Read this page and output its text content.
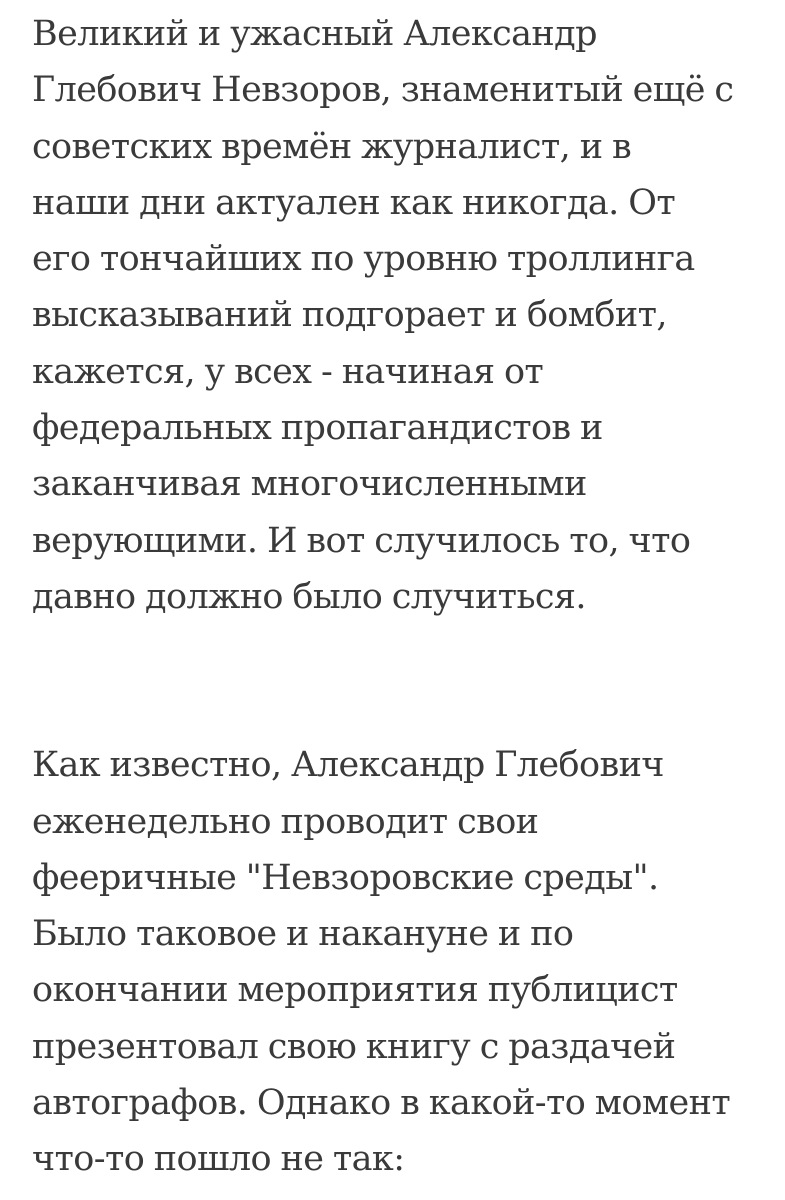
Великий и ужасный Александр
Глебович Невзоров, знаменитый ещё с
советских времён журналист, и в
наши дни актуален как никогда. От
его тончайших по уровню троллинга
высказываний подгорает и бомбит,
кажется, у всех - начиная от
федеральных пропагандистов и
заканчивая многочисленными
верующими. И вот случилось то, что
давно должно было случиться.

Как известно, Александр Глебович
еженедельно проводит свои
фееричные "Невзоровские среды".
Было таковое и накануне и по
окончании мероприятия публицист
презентовал свою книгу с раздачей
автографов. Однако в какой-то момент
что-то пошло не так:
